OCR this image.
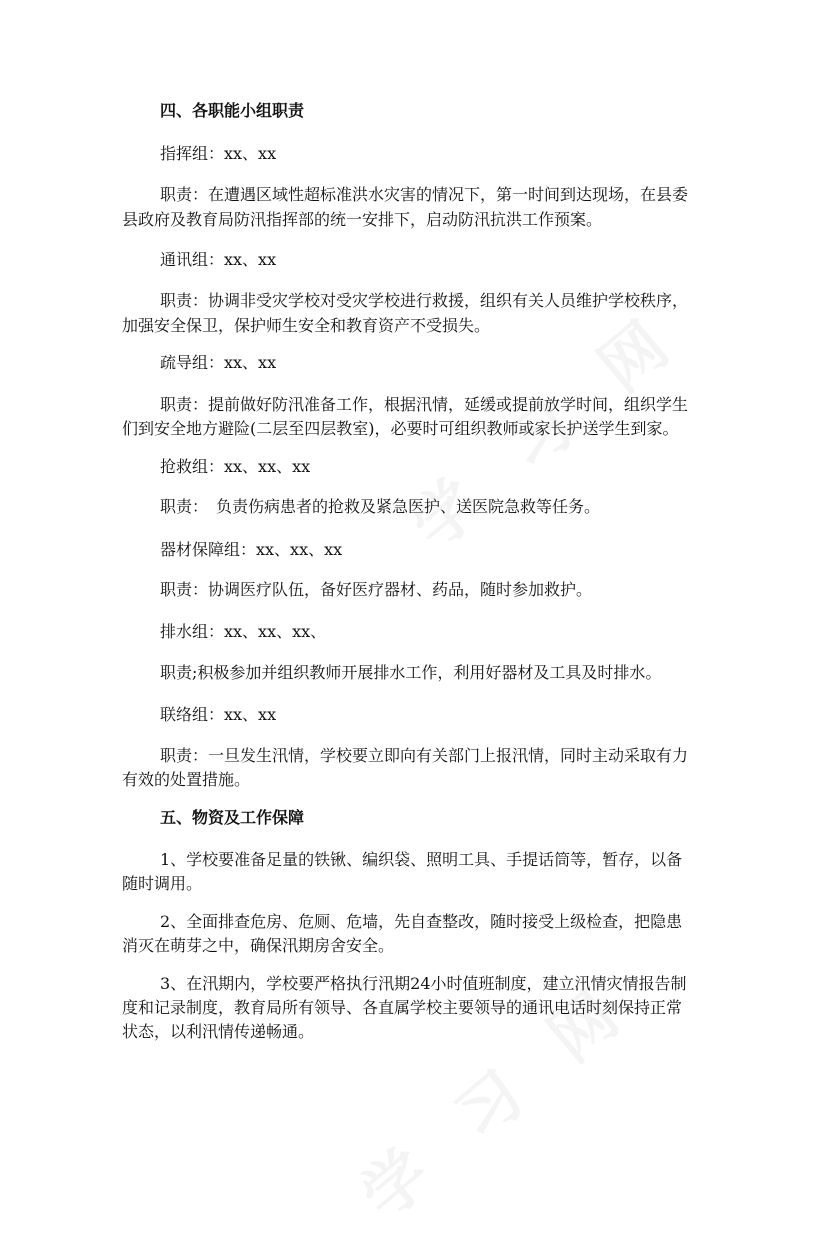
四、各职能小组职责
指挥组：xx、xx
职责：在遭遇区域性超标准洪水灾害的情况下，第一时间到达现场，在县委
县政府及教育局防汛指挥部的统一安排下，启动防汛抗洪工作预案。
通讯组：xx、xx
职责：协调非受灾学校对受灾学校进行救援，组织有关人员维护学校秩序，
加强安全保卫，保护师生安全和教育资产不受损失。
疏导组：xx、xx
职责：提前做好防汛准备工作，根据汛情，延缓或提前放学时间，组织学生
们到安全地方避险(二层至四层教室)，必要时可组织教师或家长护送学生到家。
抢救组：xx、xx、xx
职责：　负责伤病患者的抢救及紧急医护、送医院急救等任务。
器材保障组：xx、xx、xx
职责：协调医疗队伍，备好医疗器材、药品，随时参加救护。
排水组：xx、xx、xx、
职责;积极参加并组织教师开展排水工作，利用好器材及工具及时排水。
联络组：xx、xx
职责：一旦发生汛情，学校要立即向有关部门上报汛情，同时主动采取有力
有效的处置措施。
五、物资及工作保障
1、学校要准备足量的铁锹、编织袋、照明工具、手提话筒等，暂存，以备
随时调用。
2、全面排查危房、危厕、危墙，先自查整改，随时接受上级检查，把隐患
消灭在萌芽之中，确保汛期房舍安全。
3、在汛期内，学校要严格执行汛期24小时值班制度，建立汛情灾情报告制
度和记录制度，教育局所有领导、各直属学校主要领导的通讯电话时刻保持正常
状态，以利汛情传递畅通。
